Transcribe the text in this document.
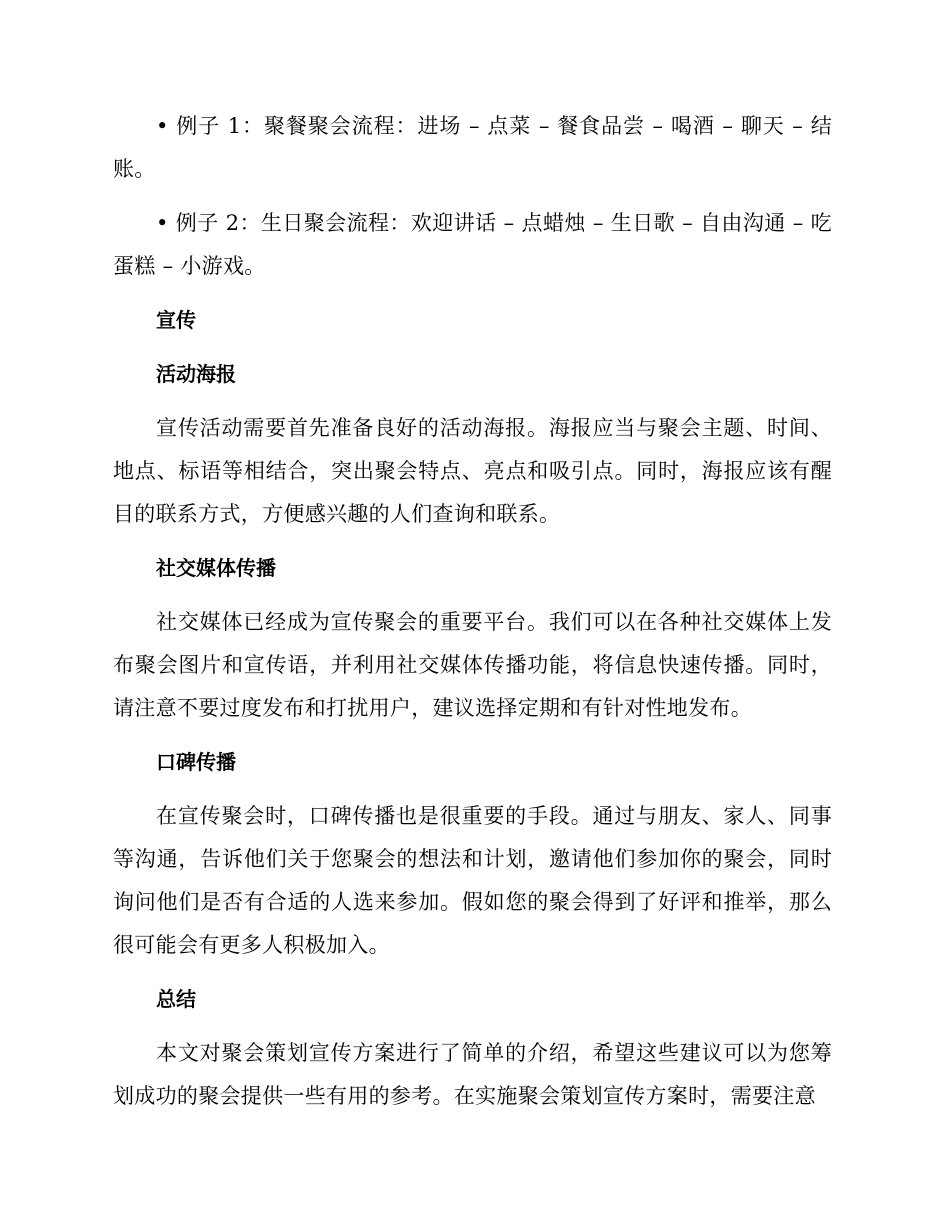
• 例子 1：聚餐聚会流程：进场 – 点菜 – 餐食品尝 – 喝酒 – 聊天 – 结账。

• 例子 2：生日聚会流程：欢迎讲话 – 点蜡烛 – 生日歌 – 自由沟通 – 吃蛋糕 – 小游戏。

宣传
活动海报

宣传活动需要首先准备良好的活动海报。海报应当与聚会主题、时间、地点、标语等相结合，突出聚会特点、亮点和吸引点。同时，海报应该有醒目的联系方式，方便感兴趣的人们查询和联系。

社交媒体传播

社交媒体已经成为宣传聚会的重要平台。我们可以在各种社交媒体上发布聚会图片和宣传语，并利用社交媒体传播功能，将信息快速传播。同时，请注意不要过度发布和打扰用户，建议选择定期和有针对性地发布。

口碑传播

在宣传聚会时，口碑传播也是很重要的手段。通过与朋友、家人、同事等沟通，告诉他们关于您聚会的想法和计划，邀请他们参加你的聚会，同时询问他们是否有合适的人选来参加。假如您的聚会得到了好评和推举，那么很可能会有更多人积极加入。

总结

本文对聚会策划宣传方案进行了简单的介绍，希望这些建议可以为您筹划成功的聚会提供一些有用的参考。在实施聚会策划宣传方案时，需要注意
